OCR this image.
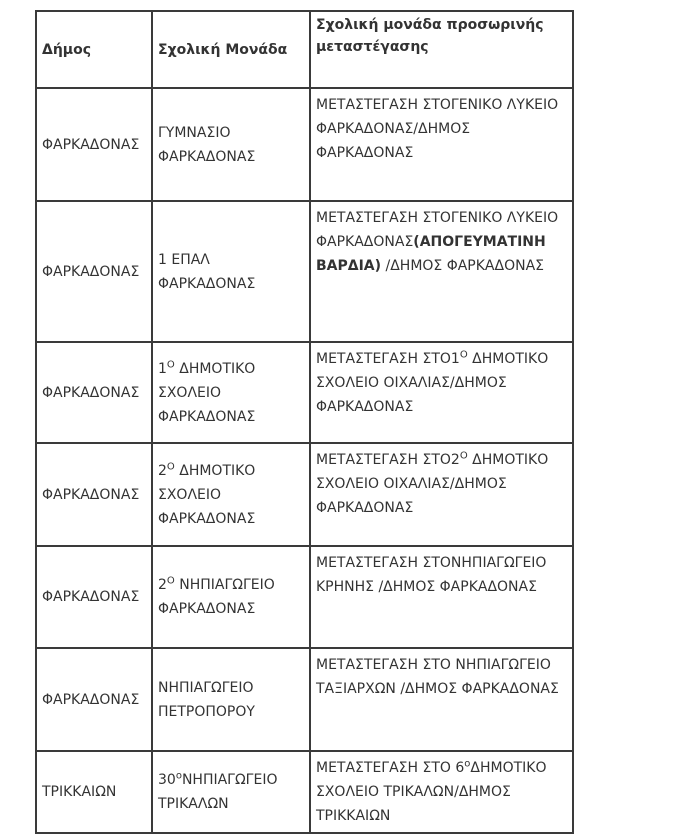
Δήμος	Σχολική Μονάδα	Σχολική μονάδα προσωρινής μεταστέγασης
ΦΑΡΚΑΔΟΝΑΣ	ΓΥΜΝΑΣΙΟ ΦΑΡΚΑΔΟΝΑΣ	ΜΕΤΑΣΤΕΓΑΣΗ ΣΤΟΓΕΝΙΚΟ ΛΥΚΕΙΟ ΦΑΡΚΑΔΟΝΑΣ/ΔΗΜΟΣ ΦΑΡΚΑΔΟΝΑΣ
ΦΑΡΚΑΔΟΝΑΣ	1 ΕΠΑΛ ΦΑΡΚΑΔΟΝΑΣ	ΜΕΤΑΣΤΕΓΑΣΗ ΣΤΟΓΕΝΙΚΟ ΛΥΚΕΙΟ ΦΑΡΚΑΔΟΝΑΣ(ΑΠΟΓΕΥΜΑΤΙΝΗ ΒΑΡΔΙΑ) /ΔΗΜΟΣ ΦΑΡΚΑΔΟΝΑΣ
ΦΑΡΚΑΔΟΝΑΣ	$1^O$ ΔΗΜΟΤΙΚΟ ΣΧΟΛΕΙΟ ΦΑΡΚΑΔΟΝΑΣ	ΜΕΤΑΣΤΕΓΑΣΗ $\Sigma TO1^O$ ΔΗΜΟΤΙΚΟ ΣΧΟΛΕΙΟ ΟΙΧΑΛΙΑΣ/ΔΗΜΟΣ ΦΑΡΚΑΔΟΝΑΣ
ΦΑΡΚΑΔΟΝΑΣ	$2^O$ ΔΗΜΟΤΙΚΟ ΣΧΟΛΕΙΟ ΦΑΡΚΑΔΟΝΑΣ	ΜΕΤΑΣΤΕΓΑΣΗ $\Sigma TO2^O$ ΔΗΜΟΤΙΚΟ ΣΧΟΛΕΙΟ ΟΙΧΑΛΙΑΣ/ΔΗΜΟΣ ΦΑΡΚΑΔΟΝΑΣ
ΦΑΡΚΑΔΟΝΑΣ	$2^O$ ΝΗΠΙΑΓΩΓΕΙΟ ΦΑΡΚΑΔΟΝΑΣ	ΜΕΤΑΣΤΕΓΑΣΗ ΣΤΟΝΗΠΙΑΓΩΓΕΙΟ ΚΡΗΝΗΣ /ΔΗΜΟΣ ΦΑΡΚΑΔΟΝΑΣ
ΦΑΡΚΑΔΟΝΑΣ	ΝΗΠΙΑΓΩΓΕΙΟ ΠΕΤΡΟΠΟΡΟΥ	ΜΕΤΑΣΤΕΓΑΣΗ ΣΤΟ ΝΗΠΙΑΓΩΓΕΙΟ ΤΑΞΙΑΡΧΩΝ /ΔΗΜΟΣ ΦΑΡΚΑΔΟΝΑΣ
ΤΡΙΚΚΑΙΩΝ	$30^oNH\Pi IA\Gamma\Omega\Gamma EIO$ ΤΡΙΚΑΛΩΝ	ΜΕΤΑΣΤΕΓΑΣΗ ΣΤΟ $6^o\Delta HMOTIKO$ ΣΧΟΛΕΙΟ ΤΡΙΚΑΛΩΝ/ΔΗΜΟΣ ΤΡΙΚΚΑΙΩΝ
